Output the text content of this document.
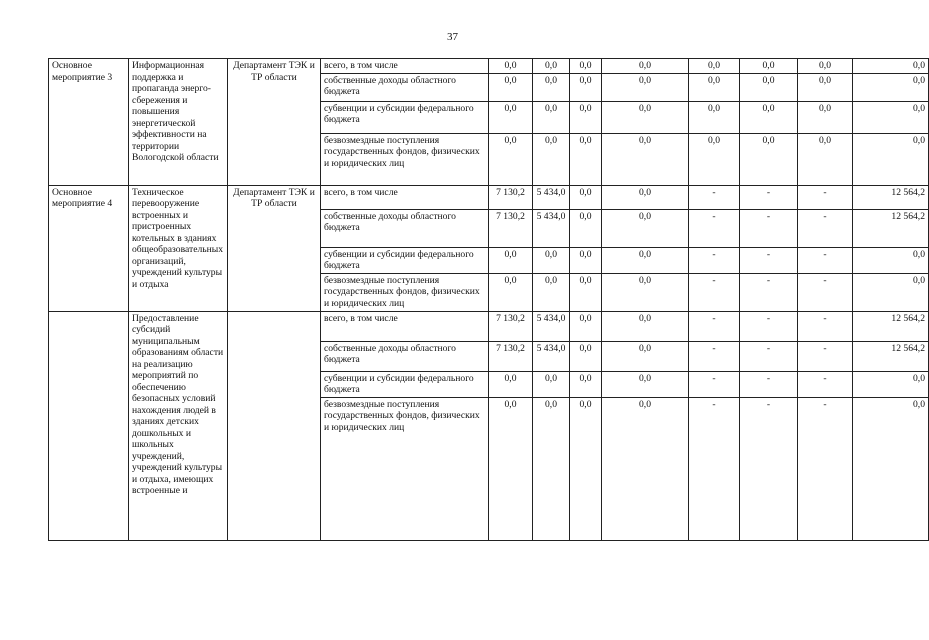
37
Основное мероприятие 3	Информационная поддержка и пропаганда энерго-сбережения и повышения энергетической эффективности на территории Вологодской области	Департамент ТЭК и ТР области	всего, в том числе	0,0	0,0	0,0	0,0	0,0	0,0	0,0	0,0
			собственные доходы областного бюджета	0,0	0,0	0,0	0,0	0,0	0,0	0,0	0,0
			субвенции и субсидии федерального бюджета	0,0	0,0	0,0	0,0	0,0	0,0	0,0	0,0
			безвозмездные поступления государственных фондов, физических и юридических лиц	0,0	0,0	0,0	0,0	0,0	0,0	0,0	0,0
Основное мероприятие 4	Техническое перевооружение встроенных и пристроенных котельных в зданиях общеобразовательных организаций, учреждений культуры и отдыха	Департамент ТЭК и ТР области	всего, в том числе	7 130,2	5 434,0	0,0	0,0	-	-	-	12 564,2
			собственные доходы областного бюджета	7 130,2	5 434,0	0,0	0,0	-	-	-	12 564,2
			субвенции и субсидии федерального бюджета	0,0	0,0	0,0	0,0	-	-	-	0,0
			безвозмездные поступления государственных фондов, физических и юридических лиц	0,0	0,0	0,0	0,0	-	-	-	0,0
	Предоставление субсидий муниципальным образованиям области на реализацию мероприятий по обеспечению безопасных условий нахождения людей в зданиях детских дошкольных и школьных учреждений, учреждений культуры и отдыха, имеющих встроенные и		всего, в том числе	7 130,2	5 434,0	0,0	0,0	-	-	-	12 564,2
			собственные доходы областного бюджета	7 130,2	5 434,0	0,0	0,0	-	-	-	12 564,2
			субвенции и субсидии федерального бюджета	0,0	0,0	0,0	0,0	-	-	-	0,0
			безвозмездные поступления государственных фондов, физических и юридических лиц	0,0	0,0	0,0	0,0	-	-	-	0,0
